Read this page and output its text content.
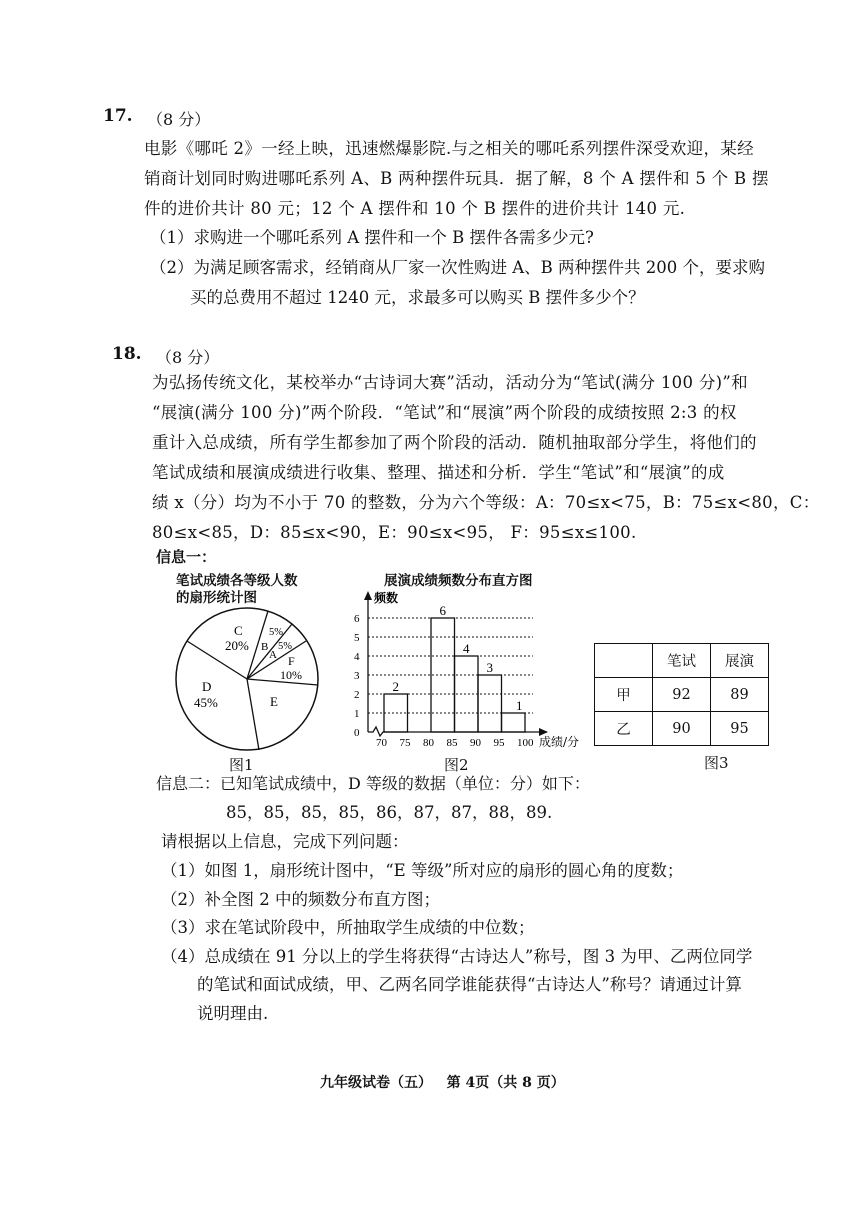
17. （8 分）
电影《哪吒 2》一经上映，迅速燃爆影院.与之相关的哪吒系列摆件深受欢迎，某经
销商计划同时购进哪吒系列 A、B 两种摆件玩具．据了解，8 个 A 摆件和 5 个 B 摆
件的进价共计 80 元；12 个 A 摆件和 10 个 B 摆件的进价共计 140 元.
（1）求购进一个哪吒系列 A 摆件和一个 B 摆件各需多少元?
（2）为满足顾客需求，经销商从厂家一次性购进 A、B 两种摆件共 200 个，要求购
买的总费用不超过 1240 元，求最多可以购买 B 摆件多少个？
18. （8 分）
为弘扬传统文化，某校举办“古诗词大赛”活动，活动分为“笔试(满分 100 分)”和
“展演(满分 100 分)”两个阶段．“笔试”和“展演”两个阶段的成绩按照 2:3 的权
重计入总成绩，所有学生都参加了两个阶段的活动．随机抽取部分学生，将他们的
笔试成绩和展演成绩进行收集、整理、描述和分析．学生“笔试”和“展演”的成
绩 x（分）均为不小于 70 的整数，分为六个等级：A：70≤x<75，B：75≤x<80，C：
80≤x<85，D：85≤x<90，E：90≤x<95， F：95≤x≤100.
信息一：
笔试成绩各等级人数
的扇形统计图
C
20%
D
45%	E
F
10%
B
A
5%
5%
图1
展演成绩频数分布直方图
0
1
2
3
4
5
6
70 75 80 85 90 95 100
2
6
4
3
1
频数
成绩/分
图2
	笔试	展演
甲	92	89
乙	90	95
图3
信息二：已知笔试成绩中，D 等级的数据（单位：分）如下：
85，85，85，85，86，87，87，88，89.
请根据以上信息，完成下列问题：
（1）如图 1，扇形统计图中，“E 等级”所对应的扇形的圆心角的度数；
（2）补全图 2 中的频数分布直方图；
（3）求在笔试阶段中，所抽取学生成绩的中位数；
（4）总成绩在 91 分以上的学生将获得“古诗达人”称号，图 3 为甲、乙两位同学
的笔试和面试成绩，甲、乙两名同学谁能获得“古诗达人”称号？请通过计算
说明理由.
九年级试卷（五）   第 4页（共 8 页）
